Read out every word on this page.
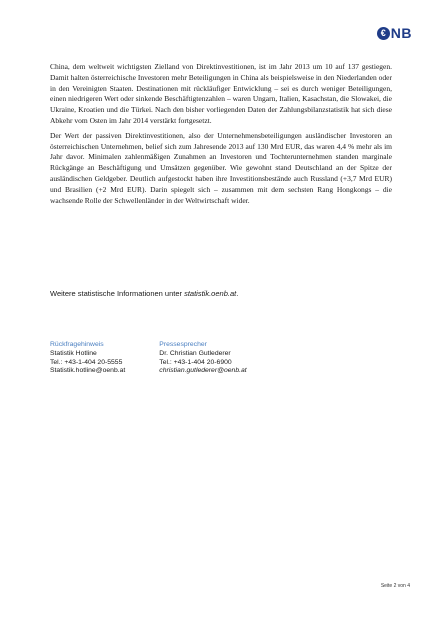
€ NB

China, dem weltweit wichtigsten Zielland von Direktinvestitionen, ist im Jahr 2013 um 10 auf 137 gestiegen. Damit halten österreichische Investoren mehr Beteiligungen in China als beispielsweise in den Niederlanden oder in den Vereinigten Staaten. Destinationen mit rückläufiger Entwicklung – sei es durch weniger Beteiligungen, einen niedrigeren Wert oder sinkende Beschäftigtenzahlen – waren Ungarn, Italien, Kasachstan, die Slowakei, die Ukraine, Kroatien und die Türkei. Nach den bisher vorliegenden Daten der Zahlungsbilanzstatistik hat sich diese Abkehr vom Osten im Jahr 2014 verstärkt fortgesetzt.

Der Wert der passiven Direktinvestitionen, also der Unternehmensbeteiligungen ausländischer Investoren an österreichischen Unternehmen, belief sich zum Jahresende 2013 auf 130 Mrd EUR, das waren 4,4 % mehr als im Jahr davor. Minimalen zahlenmäßigen Zunahmen an Investoren und Tochterunternehmen standen marginale Rückgänge an Beschäftigung und Umsätzen gegenüber. Wie gewohnt stand Deutschland an der Spitze der ausländischen Geldgeber. Deutlich aufgestockt haben ihre Investitionsbestände auch Russland (+3,7 Mrd EUR) und Brasilien (+2 Mrd EUR). Darin spiegelt sich – zusammen mit dem sechsten Rang Hongkongs – die wachsende Rolle der Schwellenländer in der Weltwirtschaft wider.

Weitere statistische Informationen unter statistik.oenb.at.
Rückfragehinweis
Statistik Hotline
Tel.: +43-1-404 20-5555
Statistik.hotline@oenb.at
Pressesprecher
Dr. Christian Gutlederer
Tel.: +43-1-404 20-6900
christian.gutlederer@oenb.at
Seite 2 von 4
